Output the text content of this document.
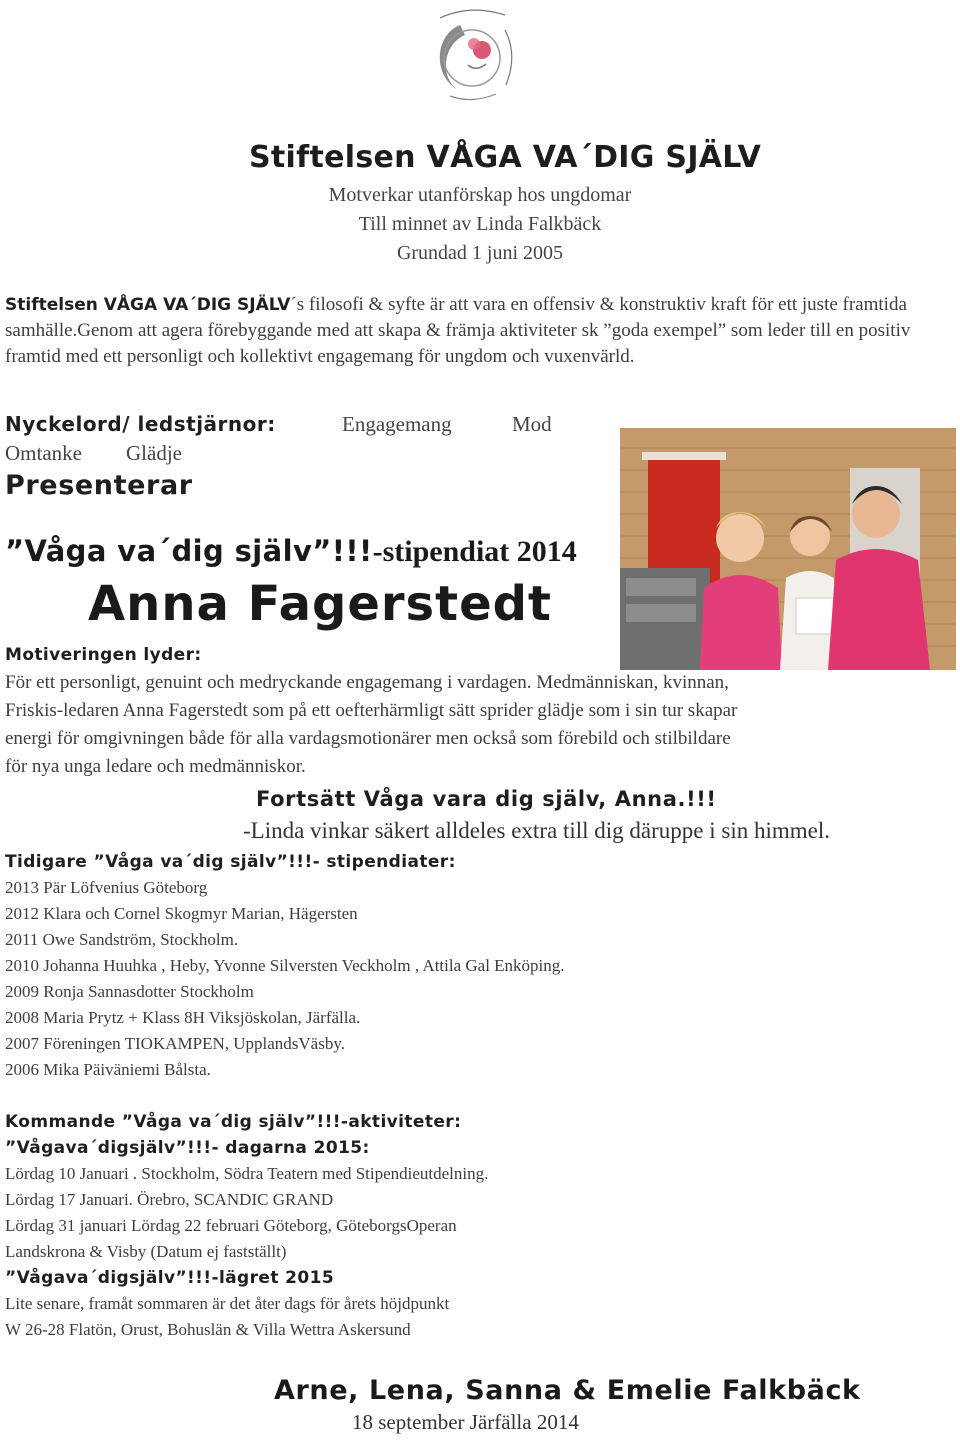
Stiftelsen VÅGA VA´DIG SJÄLV
Motverkar utanförskap hos ungdomar
Till minnet av Linda Falkbäck
Grundad 1 juni 2005
Stiftelsen VÅGA VA´DIG SJÄLV´s filosofi & syfte är att vara en offensiv & konstruktiv kraft för ett juste framtida samhälle.Genom att agera förebyggande med att skapa & främja aktiviteter sk ”goda exempel” som leder till en positiv framtid med ett personligt och kollektivt engagemang för ungdom och vuxenvärld.
Nyckelord/ ledstjärnor:	Engagemang	Mod
Omtanke Glädje
Presenterar
”Våga va´dig själv”!!!-stipendiat 2014
Anna Fagerstedt
Motiveringen lyder:
För ett personligt, genuint och medryckande engagemang i vardagen. Medmänniskan, kvinnan,
Friskis-ledaren Anna Fagerstedt som på ett oefterhärmligt sätt sprider glädje som i sin tur skapar
energi för omgivningen både för alla vardagsmotionärer men också som förebild och stilbildare
för nya unga ledare och medmänniskor.
Fortsätt Våga vara dig själv, Anna.!!!
-Linda vinkar säkert alldeles extra till dig däruppe i sin himmel.
Tidigare ”Våga va´dig själv”!!!- stipendiater:
2013 Pär Löfvenius Göteborg
2012 Klara och Cornel Skogmyr Marian, Hägersten
2011 Owe Sandström, Stockholm.
2010 Johanna Huuhka , Heby, Yvonne Silversten Veckholm , Attila Gal Enköping.
2009 Ronja Sannasdotter Stockholm
2008 Maria Prytz + Klass 8H Viksjöskolan, Järfälla.
2007 Föreningen TIOKAMPEN, UpplandsVäsby.
2006 Mika Päiväniemi Bålsta.
Kommande ”Våga va´dig själv”!!!-aktiviteter:
”Vågava´digsjälv”!!!- dagarna 2015:
Lördag 10 Januari . Stockholm, Södra Teatern med Stipendieutdelning.
Lördag 17 Januari. Örebro, SCANDIC GRAND
Lördag 31 januari Lördag 22 februari Göteborg, GöteborgsOperan
Landskrona & Visby (Datum ej fastställt)
”Vågava´digsjälv”!!!-lägret 2015
Lite senare, framåt sommaren är det åter dags för årets höjdpunkt
W 26-28 Flatön, Orust, Bohuslän & Villa Wettra Askersund
Arne, Lena, Sanna & Emelie Falkbäck
18 september Järfälla 2014
